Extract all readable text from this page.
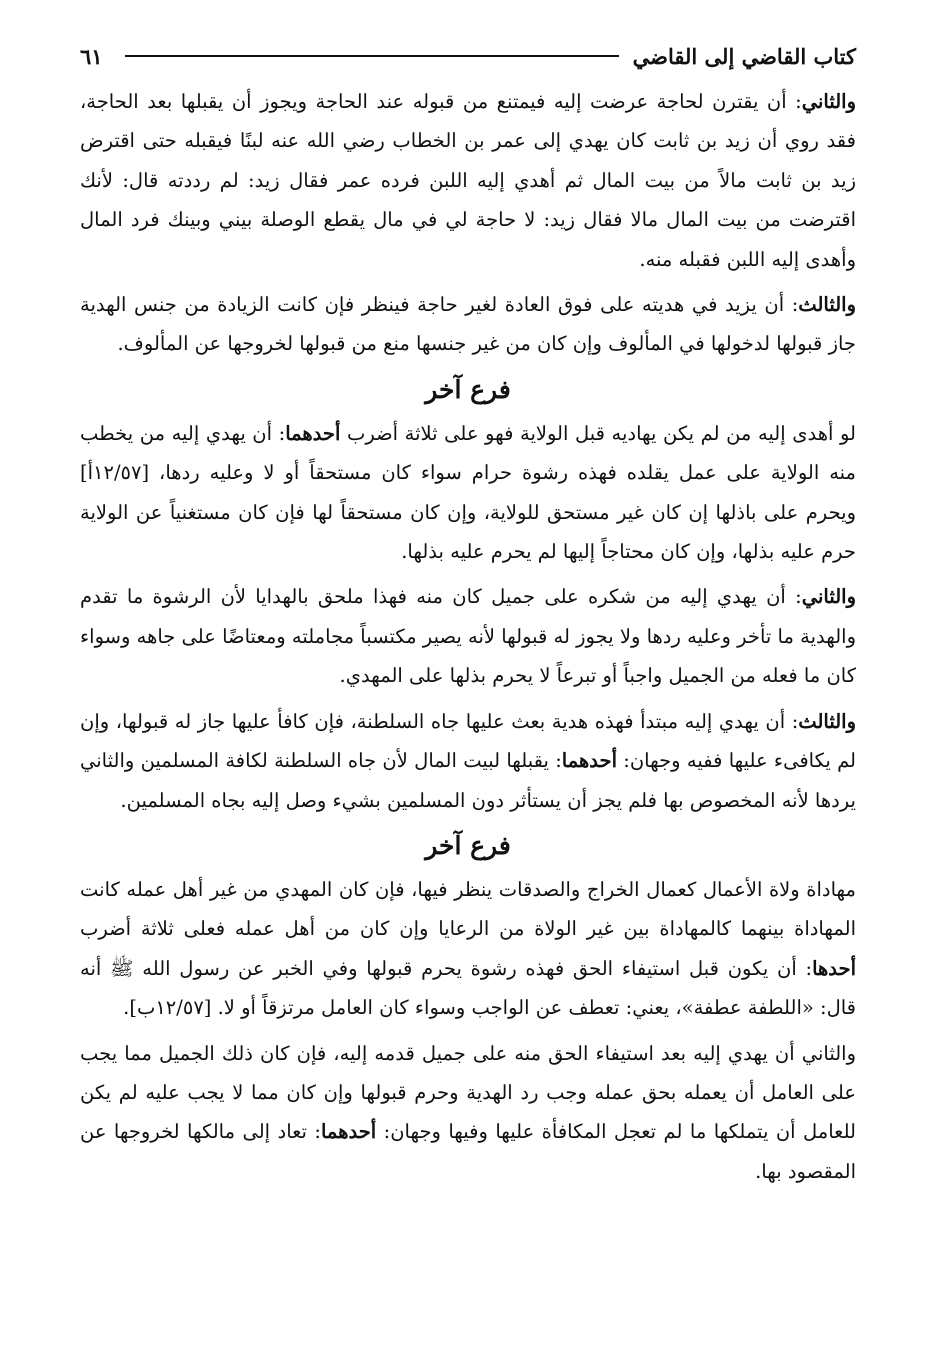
كتاب القاضي إلى القاضي
٦١

والثاني: أن يقترن لحاجة عرضت إليه فيمتنع من قبوله عند الحاجة ويجوز أن يقبلها بعد الحاجة، فقد روي أن زيد بن ثابت كان يهدي إلى عمر بن الخطاب رضي الله عنه لبنًا فيقبله حتى اقترض زيد بن ثابت مالاً من بيت المال ثم أهدي إليه اللبن فرده عمر فقال زيد: لم رددته قال: لأنك اقترضت من بيت المال مالا فقال زيد: لا حاجة لي في مال يقطع الوصلة بيني وبينك فرد المال وأهدى إليه اللبن فقبله منه.

والثالث: أن يزيد في هديته على فوق العادة لغير حاجة فينظر فإن كانت الزيادة من جنس الهدية جاز قبولها لدخولها في المألوف وإن كان من غير جنسها منع من قبولها لخروجها عن المألوف.

فرع آخر

لو أهدى إليه من لم يكن يهاديه قبل الولاية فهو على ثلاثة أضرب أحدهما: أن يهدي إليه من يخطب منه الولاية على عمل يقلده فهذه رشوة حرام سواء كان مستحقاً أو لا وعليه ردها، [١٢/٥٧أ] ويحرم على باذلها إن كان غير مستحق للولاية، وإن كان مستحقاً لها فإن كان مستغنياً عن الولاية حرم عليه بذلها، وإن كان محتاجاً إليها لم يحرم عليه بذلها.

والثاني: أن يهدي إليه من شكره على جميل كان منه فهذا ملحق بالهدايا لأن الرشوة ما تقدم والهدية ما تأخر وعليه ردها ولا يجوز له قبولها لأنه يصير مكتسباً مجاملته ومعتاضًا على جاهه وسواء كان ما فعله من الجميل واجباً أو تبرعاً لا يحرم بذلها على المهدي.

والثالث: أن يهدي إليه مبتدأ فهذه هدية بعث عليها جاه السلطنة، فإن كافأ عليها جاز له قبولها، وإن لم يكافىء عليها ففيه وجهان: أحدهما: يقبلها لبيت المال لأن جاه السلطنة لكافة المسلمين والثاني يردها لأنه المخصوص بها فلم يجز أن يستأثر دون المسلمين بشيء وصل إليه بجاه المسلمين.

فرع آخر

مهاداة ولاة الأعمال كعمال الخراج والصدقات ينظر فيها، فإن كان المهدي من غير أهل عمله كانت المهاداة بينهما كالمهاداة بين غير الولاة من الرعايا وإن كان من أهل عمله فعلى ثلاثة أضرب أحدها: أن يكون قبل استيفاء الحق فهذه رشوة يحرم قبولها وفي الخبر عن رسول الله ﷺ أنه قال: «اللطفة عطفة»، يعني: تعطف عن الواجب وسواء كان العامل مرتزقاً أو لا. [١٢/٥٧ب].

والثاني أن يهدي إليه بعد استيفاء الحق منه على جميل قدمه إليه، فإن كان ذلك الجميل مما يجب على العامل أن يعمله بحق عمله وجب رد الهدية وحرم قبولها وإن كان مما لا يجب عليه لم يكن للعامل أن يتملكها ما لم تعجل المكافأة عليها وفيها وجهان: أحدهما: تعاد إلى مالكها لخروجها عن المقصود بها.
